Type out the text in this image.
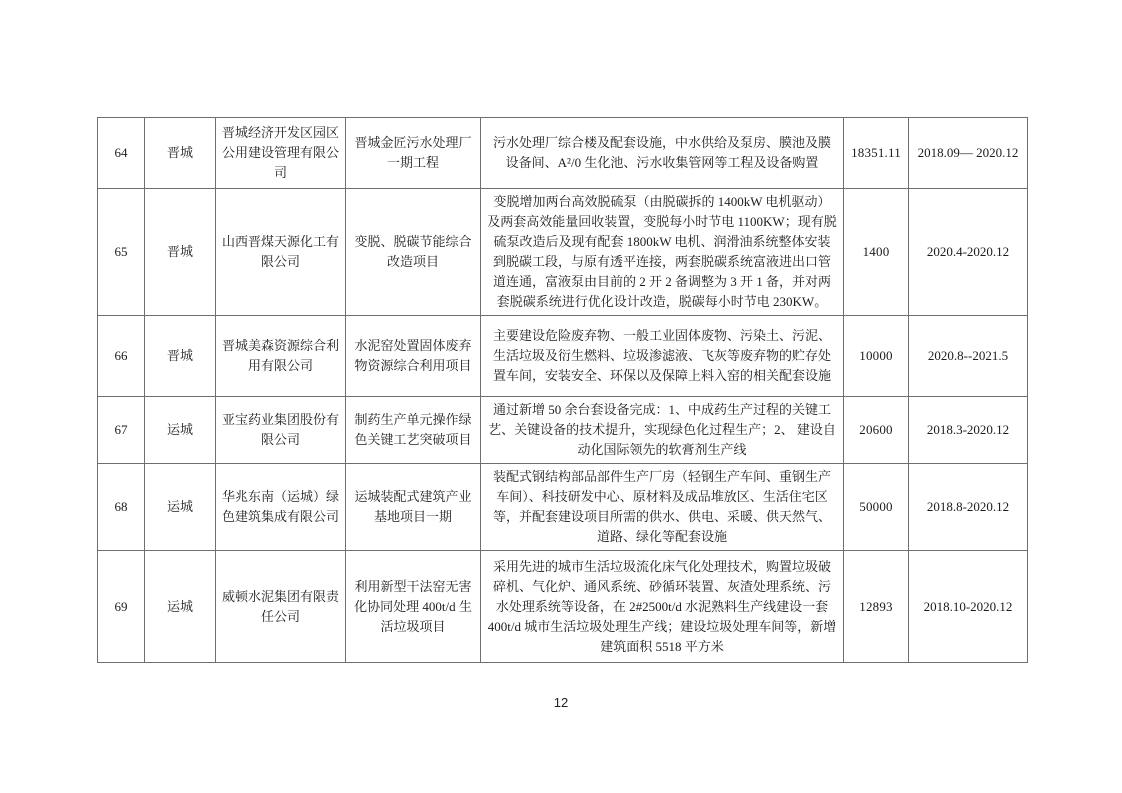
64	晋城	晋城经济开发区园区公用建设管理有限公司	晋城金匠污水处理厂一期工程	污水处理厂综合楼及配套设施，中水供给及泵房、膜池及膜设备间、A²/0 生化池、污水收集管网等工程及设备购置	18351.11	2018.09— 2020.12
65	晋城	山西晋煤天源化工有限公司	变脱、脱碳节能综合改造项目	变脱增加两台高效脱硫泵（由脱碳拆的 1400kW 电机驱动）及两套高效能量回收装置，变脱每小时节电 1100KW；现有脱硫泵改造后及现有配套 1800kW 电机、润滑油系统整体安装到脱碳工段，与原有透平连接，两套脱碳系统富液进出口管道连通，富液泵由目前的 2 开 2 备调整为 3 开 1 备，并对两套脱碳系统进行优化设计改造，脱碳每小时节电 230KW。	1400	2020.4-2020.12
66	晋城	晋城美森资源综合利用有限公司	水泥窑处置固体废弃物资源综合利用项目	主要建设危险废弃物、一般工业固体废物、污染土、污泥、生活垃圾及衍生燃料、垃圾渗滤液、飞灰等废弃物的贮存处置车间，安装安全、环保以及保障上料入窑的相关配套设施	10000	2020.8--2021.5
67	运城	亚宝药业集团股份有限公司	制药生产单元操作绿色关键工艺突破项目	通过新增 50 余台套设备完成：1、中成药生产过程的关键工艺、关键设备的技术提升，实现绿色化过程生产；2、 建设自动化国际领先的软膏剂生产线	20600	2018.3-2020.12
68	运城	华兆东南（运城）绿色建筑集成有限公司	运城装配式建筑产业基地项目一期	装配式钢结构部品部件生产厂房（轻钢生产车间、重钢生产车间）、科技研发中心、原材料及成品堆放区、生活住宅区等，并配套建设项目所需的供水、供电、采暖、供天然气、道路、绿化等配套设施	50000	2018.8-2020.12
69	运城	威顿水泥集团有限责任公司	利用新型干法窑无害化协同处理 400t/d 生活垃圾项目	采用先进的城市生活垃圾流化床气化处理技术，购置垃圾破碎机、气化炉、通风系统、砂循环装置、灰渣处理系统、污水处理系统等设备，在 2#2500t/d 水泥熟料生产线建设一套 400t/d 城市生活垃圾处理生产线；建设垃圾处理车间等，新增建筑面积 5518 平方米	12893	2018.10-2020.12
12
